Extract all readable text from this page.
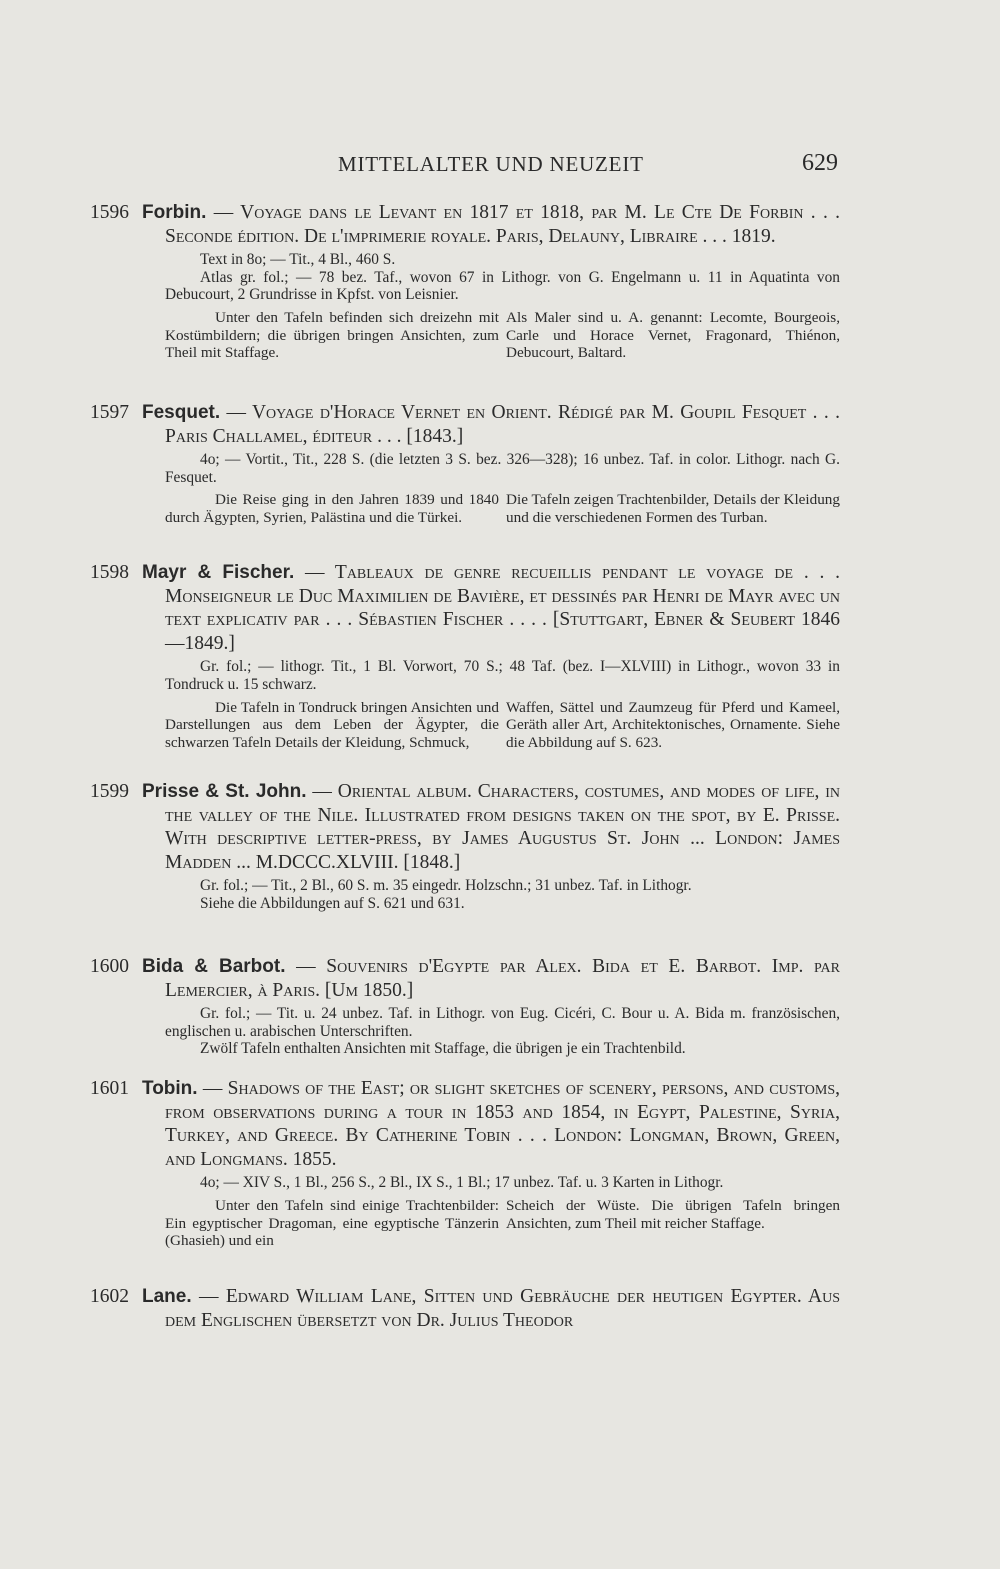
MITTELALTER UND NEUZEIT	629
1596 Forbin. — Voyage dans le Levant en 1817 et 1818, par M. Le Cte De Forbin . . . Seconde édition. De l'imprimerie royale. Paris, Delauny, Libraire . . . 1819.

Text in 8o; — Tit., 4 Bl., 460 S.

Atlas gr. fol.; — 78 bez. Taf., wovon 67 in Lithogr. von G. Engelmann u. 11 in Aquatinta von Debucourt, 2 Grundrisse in Kpfst. von Leisnier.

Unter den Tafeln befinden sich dreizehn mit Kostümbildern; die übrigen bringen Ansichten, zum Theil mit Staffage.

Als Maler sind u. A. genannt: Lecomte, Bourgeois, Carle und Horace Vernet, Fragonard, Thiénon, Debucourt, Baltard.

1597 Fesquet. — Voyage d'Horace Vernet en Orient. Rédigé par M. Goupil Fesquet . . . Paris Challamel, éditeur . . . [1843.]

4o; — Vortit., Tit., 228 S. (die letzten 3 S. bez. 326—328); 16 unbez. Taf. in color. Lithogr. nach G. Fesquet.

Die Reise ging in den Jahren 1839 und 1840 durch Ägypten, Syrien, Palästina und die Türkei.

Die Tafeln zeigen Trachtenbilder, Details der Kleidung und die verschiedenen Formen des Turban.

1598 Mayr & Fischer. — Tableaux de genre recueillis pendant le voyage de . . . Monseigneur le Duc Maximilien de Bavière, et dessinés par Henri de Mayr avec un text explicativ par . . . Sébastien Fischer . . . . [Stuttgart, Ebner & Seubert 1846—1849.]

Gr. fol.; — lithogr. Tit., 1 Bl. Vorwort, 70 S.; 48 Taf. (bez. I—XLVIII) in Lithogr., wovon 33 in Tondruck u. 15 schwarz.

Die Tafeln in Tondruck bringen Ansichten und Darstellungen aus dem Leben der Ägypter, die schwarzen Tafeln Details der Kleidung, Schmuck,

Waffen, Sättel und Zaumzeug für Pferd und Kameel, Geräth aller Art, Architektonisches, Ornamente. Siehe die Abbildung auf S. 623.

1599 Prisse & St. John. — Oriental album. Characters, costumes, and modes of life, in the valley of the Nile. Illustrated from designs taken on the spot, by E. Prisse. With descriptive letter-press, by James Augustus St. John ... London: James Madden ... M.DCCC.XLVIII. [1848.]

Gr. fol.; — Tit., 2 Bl., 60 S. m. 35 eingedr. Holzschn.; 31 unbez. Taf. in Lithogr.

Siehe die Abbildungen auf S. 621 und 631.

1600 Bida & Barbot. — Souvenirs d'Egypte par Alex. Bida et E. Barbot. Imp. par Lemercier, à Paris. [Um 1850.]

Gr. fol.; — Tit. u. 24 unbez. Taf. in Lithogr. von Eug. Cicéri, C. Bour u. A. Bida m. französischen, englischen u. arabischen Unterschriften.

Zwölf Tafeln enthalten Ansichten mit Staffage, die übrigen je ein Trachtenbild.

1601 Tobin. — Shadows of the East; or slight sketches of scenery, persons, and customs, from observations during a tour in 1853 and 1854, in Egypt, Palestine, Syria, Turkey, and Greece. By Catherine Tobin . . . London: Longman, Brown, Green, and Longmans. 1855.

4o; — XIV S., 1 Bl., 256 S., 2 Bl., IX S., 1 Bl.; 17 unbez. Taf. u. 3 Karten in Lithogr.

Unter den Tafeln sind einige Trachtenbilder: Ein egyptischer Dragoman, eine egyptische Tänzerin (Ghasieh) und ein

Scheich der Wüste. Die übrigen Tafeln bringen Ansichten, zum Theil mit reicher Staffage.

1602 Lane. — Edward William Lane, Sitten und Gebräuche der heutigen Egypter. Aus dem Englischen übersetzt von Dr. Julius Theodor
